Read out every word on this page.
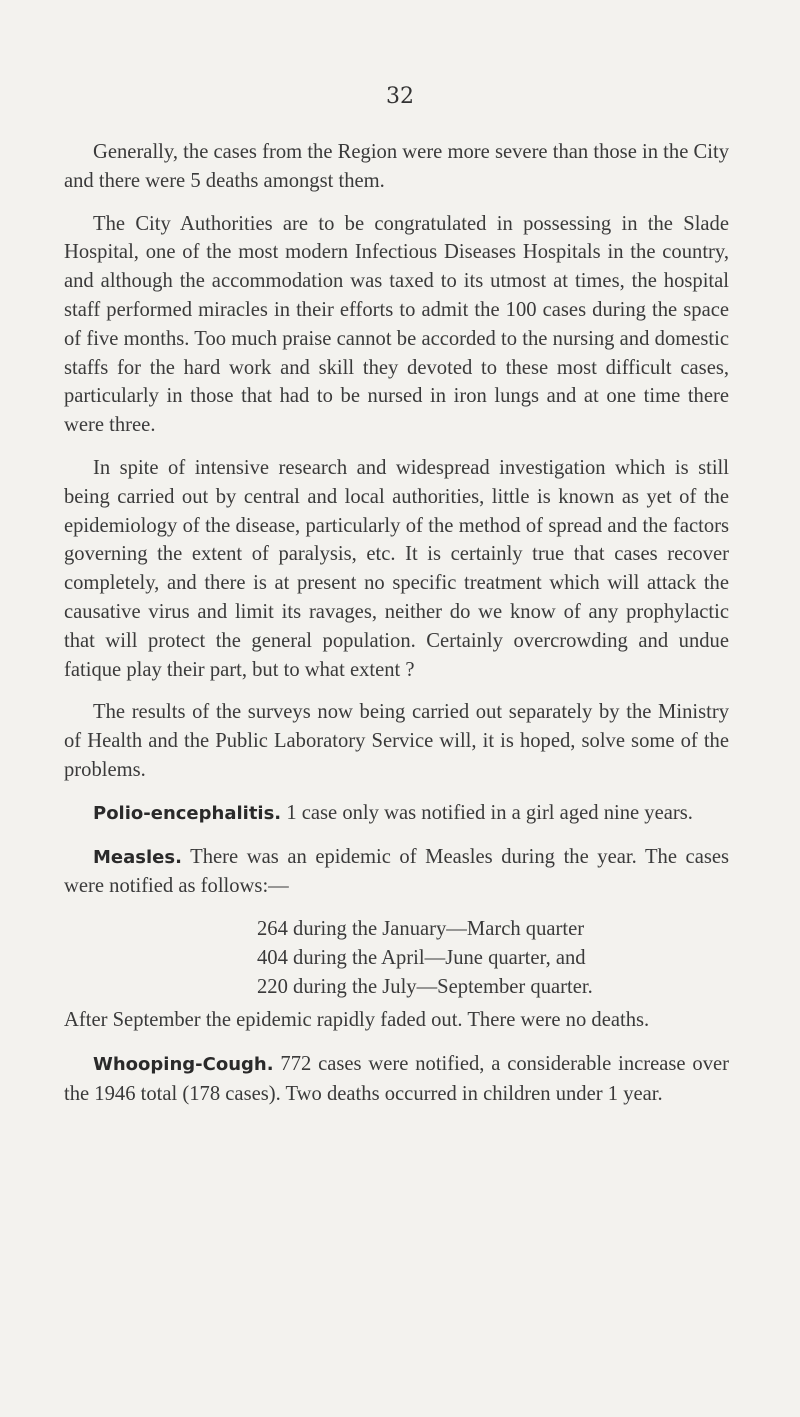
32

Generally, the cases from the Region were more severe than those in the City and there were 5 deaths amongst them.

The City Authorities are to be congratulated in possessing in the Slade Hospital, one of the most modern Infectious Diseases Hospitals in the country, and although the accommodation was taxed to its utmost at times, the hospital staff performed miracles in their efforts to admit the 100 cases during the space of five months. Too much praise cannot be accorded to the nursing and domestic staffs for the hard work and skill they devoted to these most difficult cases, particularly in those that had to be nursed in iron lungs and at one time there were three.

In spite of intensive research and widespread investigation which is still being carried out by central and local authorities, little is known as yet of the epidemiology of the disease, particularly of the method of spread and the factors governing the extent of paralysis, etc. It is certainly true that cases recover completely, and there is at present no specific treatment which will attack the causative virus and limit its ravages, neither do we know of any prophylactic that will protect the general population. Certainly overcrowding and undue fatique play their part, but to what extent ?

The results of the surveys now being carried out separately by the Ministry of Health and the Public Laboratory Service will, it is hoped, solve some of the problems.

Polio-encephalitis. 1 case only was notified in a girl aged nine years.

Measles. There was an epidemic of Measles during the year. The cases were notified as follows:—

264 during the January—March quarter
404 during the April—June quarter, and
220 during the July—September quarter.

After September the epidemic rapidly faded out. There were no deaths.

Whooping-Cough. 772 cases were notified, a considerable increase over the 1946 total (178 cases). Two deaths occurred in children under 1 year.
